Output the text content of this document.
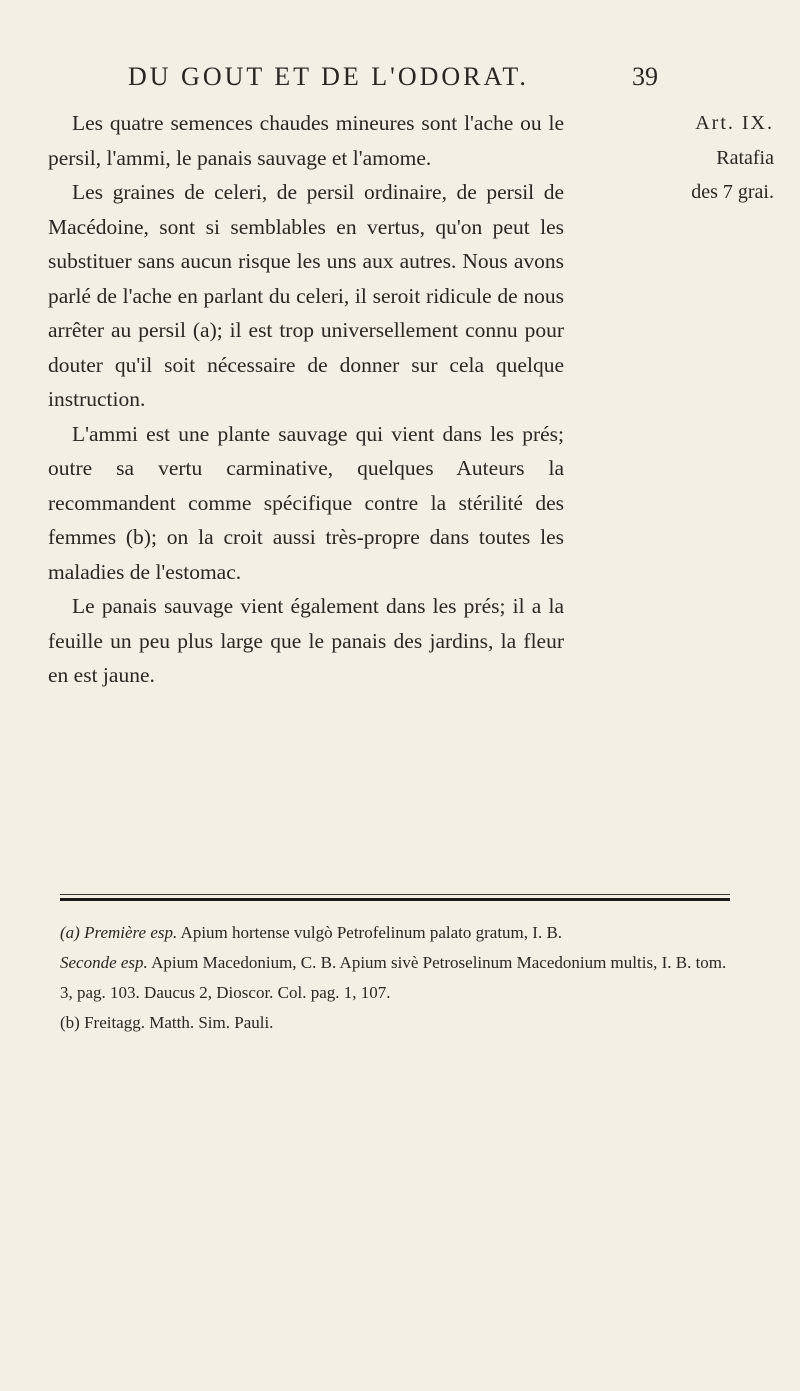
DU GOUT ET DE L'ODORAT.	39

Les quatre semences chaudes mineures sont l'ache ou le persil, l'ammi, le panais sauvage et l'amome.

Les graines de celeri, de persil ordinaire, de persil de Macédoine, sont si semblables en vertus, qu'on peut les substituer sans aucun risque les uns aux autres. Nous avons parlé de l'ache en parlant du celeri, il seroit ridicule de nous arrêter au persil (a); il est trop universellement connu pour douter qu'il soit nécessaire de donner sur cela quelque instruction.

L'ammi est une plante sauvage qui vient dans les prés; outre sa vertu carminative, quelques Auteurs la recommandent comme spécifique contre la stérilité des femmes (b); on la croit aussi très-propre dans toutes les maladies de l'estomac.

Le panais sauvage vient également dans les prés; il a la feuille un peu plus large que le panais des jardins, la fleur en est jaune.

Art. IX.
Ratafia
des 7 grai.

(a) Première esp. Apium hortense vulgò Petrofelinum palato gratum, I. B.

Seconde esp. Apium Macedonium, C. B. Apium sivè Petroselinum Macedonium multis, I. B. tom. 3, pag. 103. Daucus 2, Dioscor. Col. pag. 1, 107.

(b) Freitagg. Matth. Sim. Pauli.
